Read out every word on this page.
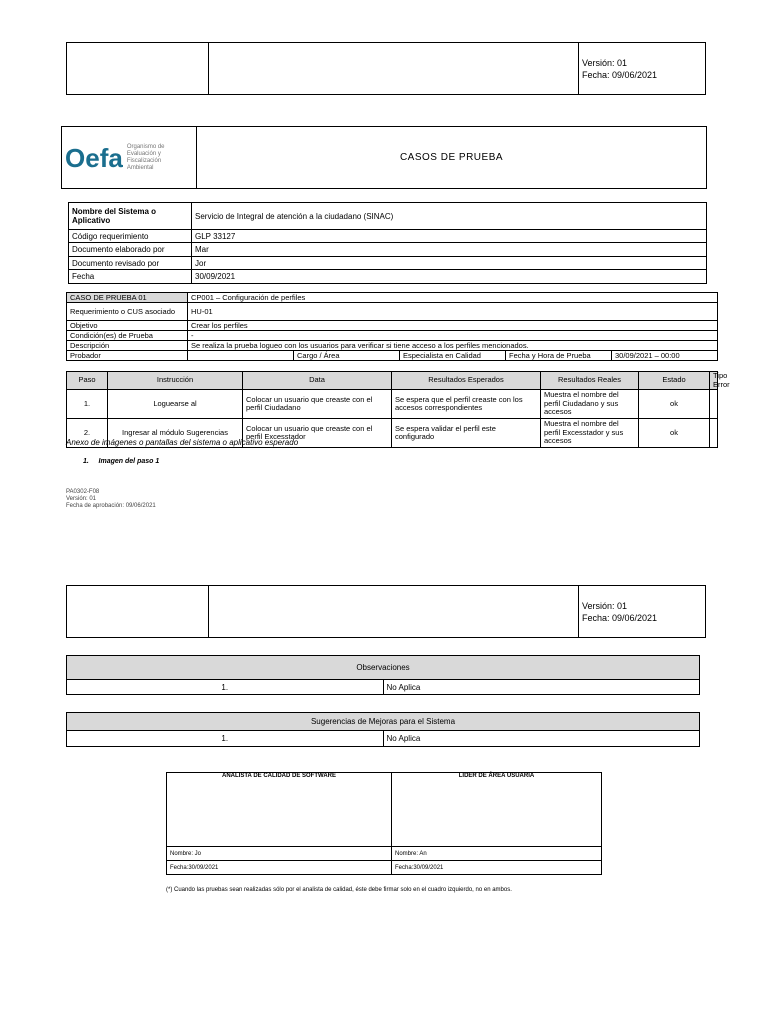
Versión: 01
Fecha: 09/06/2021
Oefa Organismo de Evaluación y Fiscalización Ambiental
	CASOS DE PRUEBA
Nombre del Sistema o Aplicativo	Servicio de Integral de atención a la ciudadano (SINAC)
Código requerimiento	GLP 33127
Documento elaborado por	Mar
Documento revisado por	Jor
Fecha	30/09/2021
CASO DE PRUEBA 01	CP001 – Configuración de perfiles				
Requerimiento o CUS asociado	HU-01				
Objetivo	Crear los perfiles				
Condición(es) de Prueba	-				
Descripción	Se realiza la prueba logueo con los usuarios para verificar si tiene acceso a los perfiles mencionados.				
Probador		Cargo / Área	Especialista en Calidad	Fecha y Hora de Prueba	30/09/2021 – 00:00
Paso	Instrucción	Data	Resultados Esperados	Resultados Reales	Estado	Tipo Error
1.	Loguearse al	Colocar un usuario que creaste con el perfil Ciudadano	Se espera que el perfil creaste con los accesos correspondientes	Muestra el nombre del perfil Ciudadano y sus accesos	ok	
2.	Ingresar al módulo Sugerencias	Colocar un usuario que creaste con el perfil Excesstador	Se espera validar el perfil este configurado	Muestra el nombre del perfil Excesstador y sus accesos	ok	
Anexo de imágenes o pantallas del sistema o aplicativo esperado
1.     Imagen del paso 1
PA0302-F08
Versión: 01
Fecha de aprobación: 09/06/2021

Versión: 01
Fecha: 09/06/2021
Observaciones
1.	No Aplica
Sugerencias de Mejoras para el Sistema
1.	No Aplica
ANALISTA DE CALIDAD DE SOFTWARE	LIDER DE ÁREA USUARIA
Nombre: Jo	Nombre: An
Fecha:30/09/2021	Fecha:30/09/2021
(*) Cuando las pruebas sean realizadas sólo por el analista de calidad, éste debe firmar solo en el cuadro izquierdo, no en ambos.
